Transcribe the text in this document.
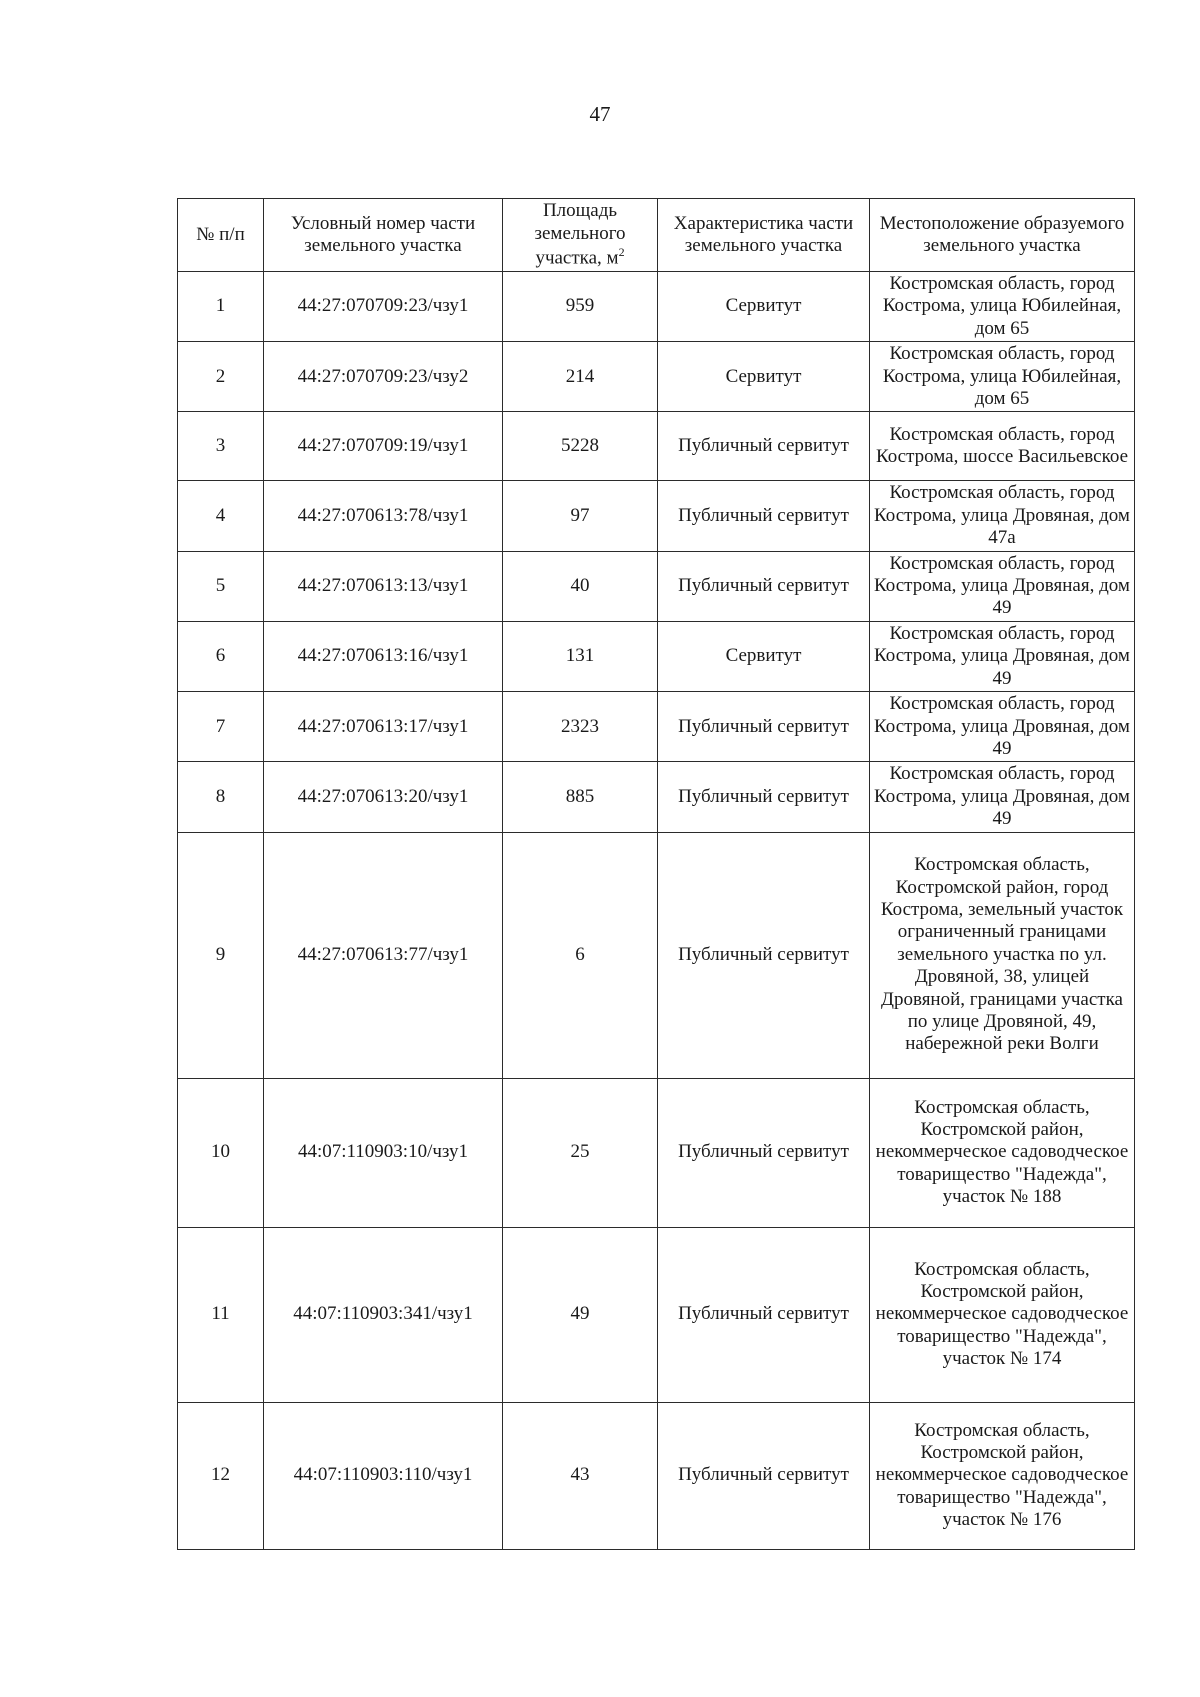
47
№ п/п	Условный номер части земельного участка	Площадь земельного участка, $м^2$	Характеристика части земельного участка	Местоположение образуемого земельного участка
1	44:27:070709:23/чзу1	959	Сервитут	Костромская область, город Кострома, улица Юбилейная, дом 65
2	44:27:070709:23/чзу2	214	Сервитут	Костромская область, город Кострома, улица Юбилейная, дом 65
3	44:27:070709:19/чзу1	5228	Публичный сервитут	Костромская область, город Кострома, шоссе Васильевское
4	44:27:070613:78/чзу1	97	Публичный сервитут	Костромская область, город Кострома, улица Дровяная, дом 47а
5	44:27:070613:13/чзу1	40	Публичный сервитут	Костромская область, город Кострома, улица Дровяная, дом 49
6	44:27:070613:16/чзу1	131	Сервитут	Костромская область, город Кострома, улица Дровяная, дом 49
7	44:27:070613:17/чзу1	2323	Публичный сервитут	Костромская область, город Кострома, улица Дровяная, дом 49
8	44:27:070613:20/чзу1	885	Публичный сервитут	Костромская область, город Кострома, улица Дровяная, дом 49
9	44:27:070613:77/чзу1	6	Публичный сервитут	Костромская область, Костромской район, город Кострома, земельный участок ограниченный границами земельного участка по ул. Дровяной, 38, улицей Дровяной, границами участка по улице Дровяной, 49, набережной реки Волги
10	44:07:110903:10/чзу1	25	Публичный сервитут	Костромская область, Костромской район, некоммерческое садоводческое товарищество "Надежда", участок № 188
11	44:07:110903:341/чзу1	49	Публичный сервитут	Костромская область, Костромской район, некоммерческое садоводческое товарищество "Надежда", участок № 174
12	44:07:110903:110/чзу1	43	Публичный сервитут	Костромская область, Костромской район, некоммерческое садоводческое товарищество "Надежда", участок № 176
